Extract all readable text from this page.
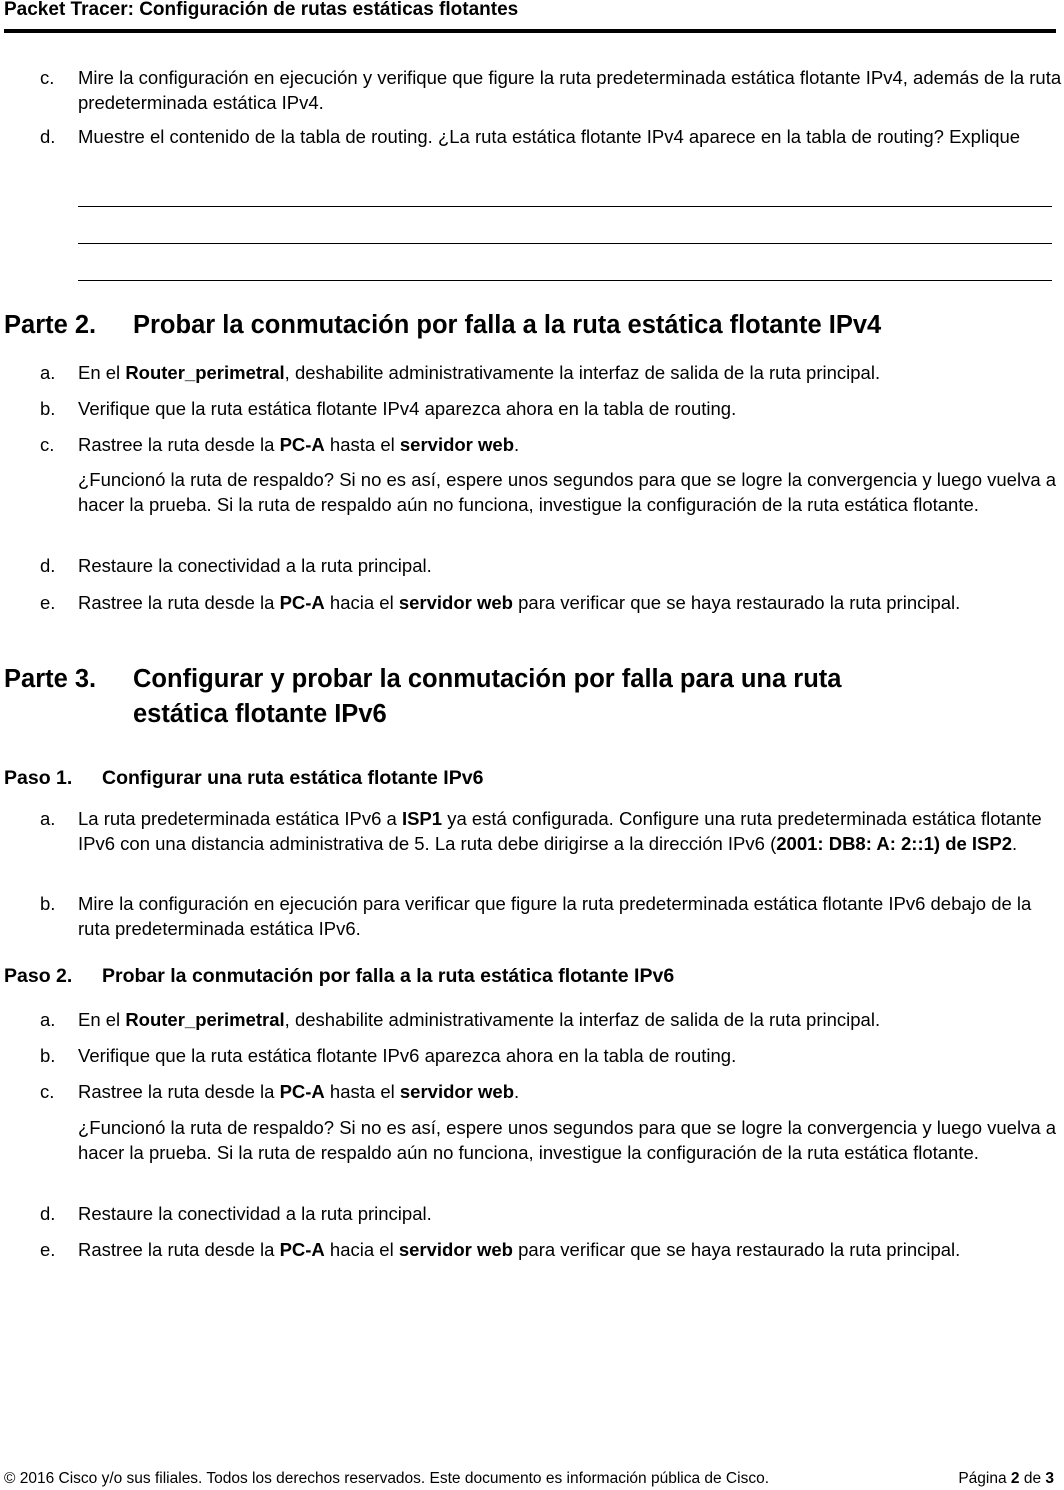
Packet Tracer: Configuración de rutas estáticas flotantes
c. Mire la configuración en ejecución y verifique que figure la ruta predeterminada estática flotante IPv4, además de la ruta predeterminada estática IPv4.
d. Muestre el contenido de la tabla de routing. ¿La ruta estática flotante IPv4 aparece en la tabla de routing? Explique
Parte 2. Probar la conmutación por falla a la ruta estática flotante IPv4
a. En el Router_perimetral, deshabilite administrativamente la interfaz de salida de la ruta principal.
b. Verifique que la ruta estática flotante IPv4 aparezca ahora en la tabla de routing.
c. Rastree la ruta desde la PC-A hasta el servidor web.
¿Funcionó la ruta de respaldo? Si no es así, espere unos segundos para que se logre la convergencia y luego vuelva a hacer la prueba. Si la ruta de respaldo aún no funciona, investigue la configuración de la ruta estática flotante.
d. Restaure la conectividad a la ruta principal.
e. Rastree la ruta desde la PC-A hacia el servidor web para verificar que se haya restaurado la ruta principal.
Parte 3. Configurar y probar la conmutación por falla para una ruta
estática flotante IPv6
Paso 1. Configurar una ruta estática flotante IPv6
a. La ruta predeterminada estática IPv6 a ISP1 ya está configurada. Configure una ruta predeterminada estática flotante IPv6 con una distancia administrativa de 5. La ruta debe dirigirse a la dirección IPv6 (2001: DB8: A: 2::1) de ISP2.
b. Mire la configuración en ejecución para verificar que figure la ruta predeterminada estática flotante IPv6 debajo de la ruta predeterminada estática IPv6.
Paso 2. Probar la conmutación por falla a la ruta estática flotante IPv6
a. En el Router_perimetral, deshabilite administrativamente la interfaz de salida de la ruta principal.
b. Verifique que la ruta estática flotante IPv6 aparezca ahora en la tabla de routing.
c. Rastree la ruta desde la PC-A hasta el servidor web.
¿Funcionó la ruta de respaldo? Si no es así, espere unos segundos para que se logre la convergencia y luego vuelva a hacer la prueba. Si la ruta de respaldo aún no funciona, investigue la configuración de la ruta estática flotante.
d. Restaure la conectividad a la ruta principal.
e. Rastree la ruta desde la PC-A hacia el servidor web para verificar que se haya restaurado la ruta principal.
© 2016 Cisco y/o sus filiales. Todos los derechos reservados. Este documento es información pública de Cisco.	Página 2 de 3
